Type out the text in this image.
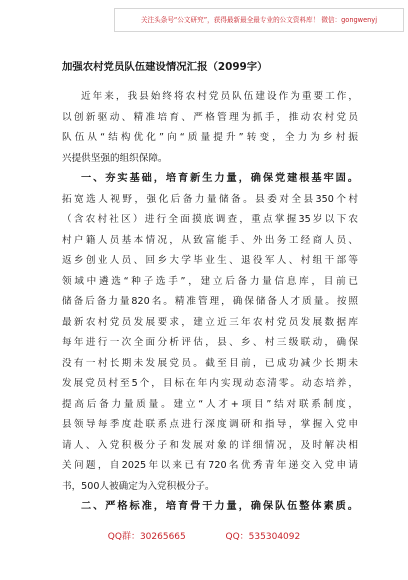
关注头条号“公文研究”，获得最新最全最专业的公文资料库！ 微信：gongwenyj
加强农村党员队伍建设情况汇报（2099字）
近年来，我县始终将农村党员队伍建设作为重要工作，
以创新驱动、精准培育、严格管理为抓手，推动农村党员
队伍从“结构优化”向“质量提升”转变，全力为乡村振
兴提供坚强的组织保障。
一、夯实基础，培育新生力量，确保党建根基牢固。
拓宽选人视野，强化后备力量储备。县委对全县350个村
（含农村社区）进行全面摸底调查，重点掌握35岁以下农
村户籍人员基本情况，从致富能手、外出务工经商人员、
返乡创业人员、回乡大学毕业生、退役军人、村组干部等
领域中遴选“种子选手”，建立后备力量信息库，目前已
储备后备力量820名。精准管理，确保储备人才质量。按照
最新农村党员发展要求，建立近三年农村党员发展数据库
每年进行一次全面分析评估，县、乡、村三级联动，确保
没有一村长期未发展党员。截至目前，已成功减少长期未
发展党员村至5个，目标在年内实现动态清零。动态培养，
提高后备力量质量。建立“人才+项目”结对联系制度，
县领导每季度赴联系点进行深度调研和指导，掌握入党申
请人、入党积极分子和发展对象的详细情况，及时解决相
关问题，自2025年以来已有720名优秀青年递交入党申请
书，500人被确定为入党积极分子。
二、严格标准，培育骨干力量，确保队伍整体素质。
QQ群：30265665	QQ：535304092
